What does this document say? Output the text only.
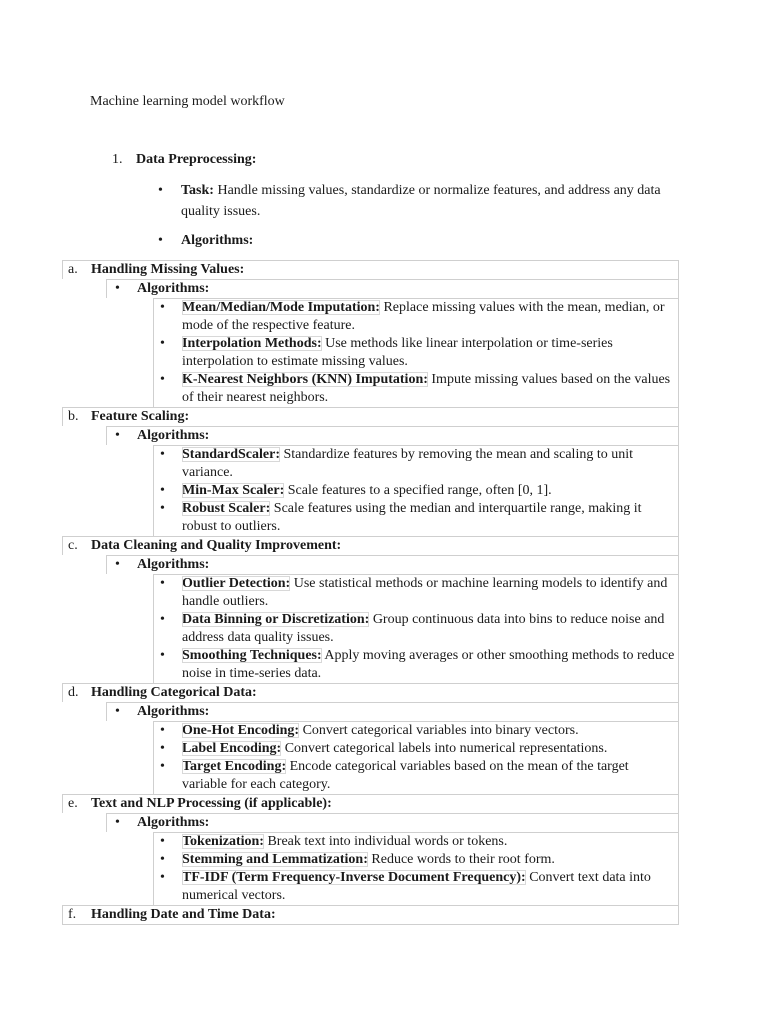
Machine learning model workflow
1. Data Preprocessing:
• Task: Handle missing values, standardize or normalize features, and address any data quality issues.
• Algorithms:
a. Handling Missing Values:
• Algorithms:
• Mean/Median/Mode Imputation: Replace missing values with the mean, median, or mode of the respective feature.
• Interpolation Methods: Use methods like linear interpolation or time-series interpolation to estimate missing values.
• K-Nearest Neighbors (KNN) Imputation: Impute missing values based on the values of their nearest neighbors.
b. Feature Scaling:
• Algorithms:
• StandardScaler: Standardize features by removing the mean and scaling to unit variance.
• Min-Max Scaler: Scale features to a specified range, often [0, 1].
• Robust Scaler: Scale features using the median and interquartile range, making it robust to outliers.
c. Data Cleaning and Quality Improvement:
• Algorithms:
• Outlier Detection: Use statistical methods or machine learning models to identify and handle outliers.
• Data Binning or Discretization: Group continuous data into bins to reduce noise and address data quality issues.
• Smoothing Techniques: Apply moving averages or other smoothing methods to reduce noise in time-series data.
d. Handling Categorical Data:
• Algorithms:
• One-Hot Encoding: Convert categorical variables into binary vectors.
• Label Encoding: Convert categorical labels into numerical representations.
• Target Encoding: Encode categorical variables based on the mean of the target variable for each category.
e. Text and NLP Processing (if applicable):
• Algorithms:
• Tokenization: Break text into individual words or tokens.
• Stemming and Lemmatization: Reduce words to their root form.
• TF-IDF (Term Frequency-Inverse Document Frequency): Convert text data into numerical vectors.
f. Handling Date and Time Data:
